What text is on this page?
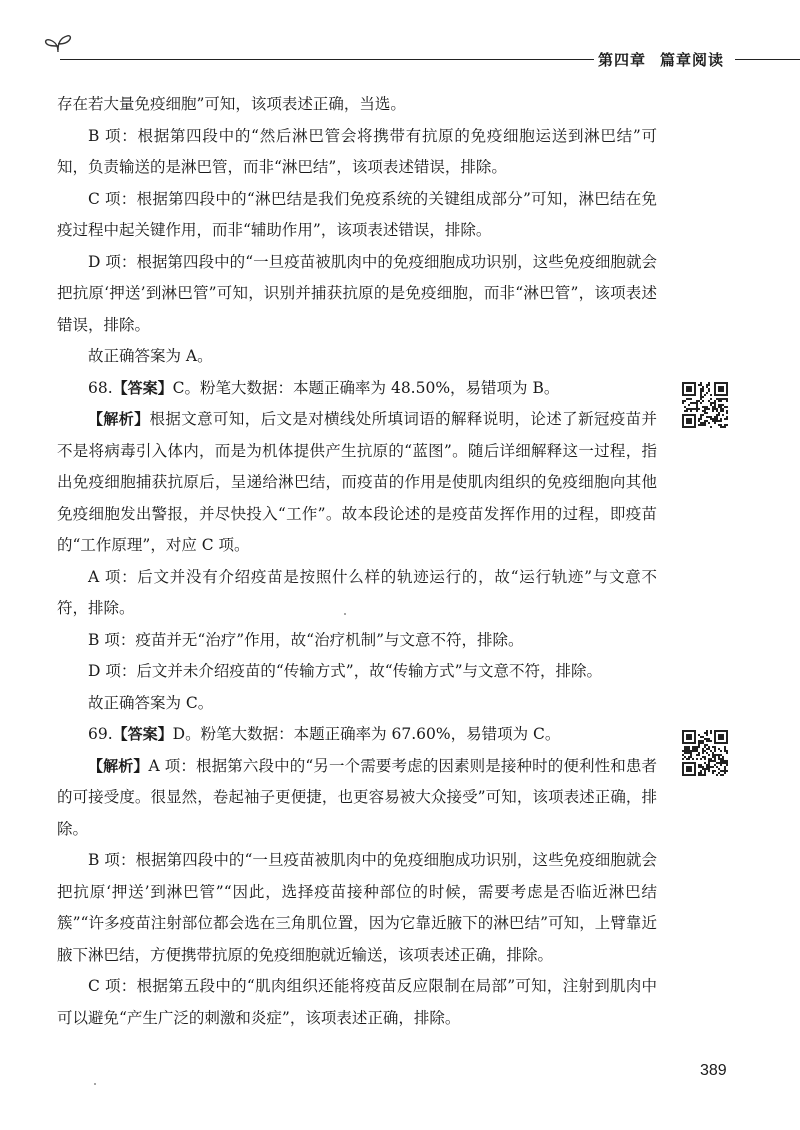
第四章 篇章阅读

存在若大量免疫细胞”可知，该项表述正确，当选。

B 项：根据第四段中的“然后淋巴管会将携带有抗原的免疫细胞运送到淋巴结”可知，负责输送的是淋巴管，而非“淋巴结”，该项表述错误，排除。

C 项：根据第四段中的“淋巴结是我们免疫系统的关键组成部分”可知，淋巴结在免疫过程中起关键作用，而非“辅助作用”，该项表述错误，排除。

D 项：根据第四段中的“一旦疫苗被肌肉中的免疫细胞成功识别，这些免疫细胞就会把抗原‘押送’到淋巴管”可知，识别并捕获抗原的是免疫细胞，而非“淋巴管”，该项表述错误，排除。

故正确答案为 A。

68.【答案】C。粉笔大数据：本题正确率为 48.50%，易错项为 B。

【解析】根据文意可知，后文是对横线处所填词语的解释说明，论述了新冠疫苗并不是将病毒引入体内，而是为机体提供产生抗原的“蓝图”。随后详细解释这一过程，指出免疫细胞捕获抗原后，呈递给淋巴结，而疫苗的作用是使肌肉组织的免疫细胞向其他免疫细胞发出警报，并尽快投入“工作”。故本段论述的是疫苗发挥作用的过程，即疫苗的“工作原理”，对应 C 项。

A 项：后文并没有介绍疫苗是按照什么样的轨迹运行的，故“运行轨迹”与文意不符，排除。

B 项：疫苗并无“治疗”作用，故“治疗机制”与文意不符，排除。

D 项：后文并未介绍疫苗的“传输方式”，故“传输方式”与文意不符，排除。

故正确答案为 C。

69.【答案】D。粉笔大数据：本题正确率为 67.60%，易错项为 C。

【解析】A 项：根据第六段中的“另一个需要考虑的因素则是接种时的便利性和患者的可接受度。很显然，卷起袖子更便捷，也更容易被大众接受”可知，该项表述正确，排除。

B 项：根据第四段中的“一旦疫苗被肌肉中的免疫细胞成功识别，这些免疫细胞就会把抗原‘押送’到淋巴管”“因此，选择疫苗接种部位的时候，需要考虑是否临近淋巴结簇”“许多疫苗注射部位都会选在三角肌位置，因为它靠近腋下的淋巴结”可知，上臂靠近腋下淋巴结，方便携带抗原的免疫细胞就近输送，该项表述正确，排除。

C 项：根据第五段中的“肌肉组织还能将疫苗反应限制在局部”可知，注射到肌肉中可以避免“产生广泛的刺激和炎症”，该项表述正确，排除。

389
